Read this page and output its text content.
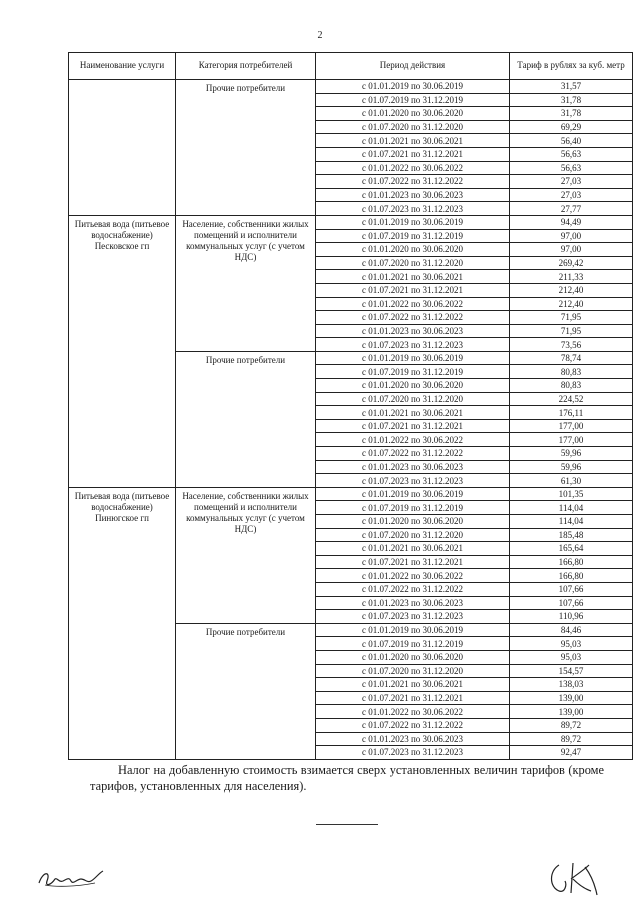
2
Наименование услуги	Категория потребителей	Период действия	Тариф в рублях за куб. метр
	Прочие потребители	с 01.01.2019 по 30.06.2019	31,57
		с 01.07.2019 по 31.12.2019	31,78
		с 01.01.2020 по 30.06.2020	31,78
		с 01.07.2020 по 31.12.2020	69,29
		с 01.01.2021 по 30.06.2021	56,40
		с 01.07.2021 по 31.12.2021	56,63
		с 01.01.2022 по 30.06.2022	56,63
		с 01.07.2022 по 31.12.2022	27,03
		с 01.01.2023 по 30.06.2023	27,03
		с 01.07.2023 по 31.12.2023	27,77
Питьевая вода (питьевое водоснабжение) Песковское гп	Население, собственники жилых помещений и исполнители коммунальных услуг (с учетом НДС)	с 01.01.2019 по 30.06.2019	94,49
		с 01.07.2019 по 31.12.2019	97,00
		с 01.01.2020 по 30.06.2020	97,00
		с 01.07.2020 по 31.12.2020	269,42
		с 01.01.2021 по 30.06.2021	211,33
		с 01.07.2021 по 31.12.2021	212,40
		с 01.01.2022 по 30.06.2022	212,40
		с 01.07.2022 по 31.12.2022	71,95
		с 01.01.2023 по 30.06.2023	71,95
		с 01.07.2023 по 31.12.2023	73,56
	Прочие потребители	с 01.01.2019 по 30.06.2019	78,74
		с 01.07.2019 по 31.12.2019	80,83
		с 01.01.2020 по 30.06.2020	80,83
		с 01.07.2020 по 31.12.2020	224,52
		с 01.01.2021 по 30.06.2021	176,11
		с 01.07.2021 по 31.12.2021	177,00
		с 01.01.2022 по 30.06.2022	177,00
		с 01.07.2022 по 31.12.2022	59,96
		с 01.01.2023 по 30.06.2023	59,96
		с 01.07.2023 по 31.12.2023	61,30
Питьевая вода (питьевое водоснабжение) Пинюгское гп	Население, собственники жилых помещений и исполнители коммунальных услуг (с учетом НДС)	с 01.01.2019 по 30.06.2019	101,35
		с 01.07.2019 по 31.12.2019	114,04
		с 01.01.2020 по 30.06.2020	114,04
		с 01.07.2020 по 31.12.2020	185,48
		с 01.01.2021 по 30.06.2021	165,64
		с 01.07.2021 по 31.12.2021	166,80
		с 01.01.2022 по 30.06.2022	166,80
		с 01.07.2022 по 31.12.2022	107,66
		с 01.01.2023 по 30.06.2023	107,66
		с 01.07.2023 по 31.12.2023	110,96
	Прочие потребители	с 01.01.2019 по 30.06.2019	84,46
		с 01.07.2019 по 31.12.2019	95,03
		с 01.01.2020 по 30.06.2020	95,03
		с 01.07.2020 по 31.12.2020	154,57
		с 01.01.2021 по 30.06.2021	138,03
		с 01.07.2021 по 31.12.2021	139,00
		с 01.01.2022 по 30.06.2022	139,00
		с 01.07.2022 по 31.12.2022	89,72
		с 01.01.2023 по 30.06.2023	89,72
		с 01.07.2023 по 31.12.2023	92,47
Налог на добавленную стоимость взимается сверх установленных величин тарифов (кроме тарифов, установленных для населения).
